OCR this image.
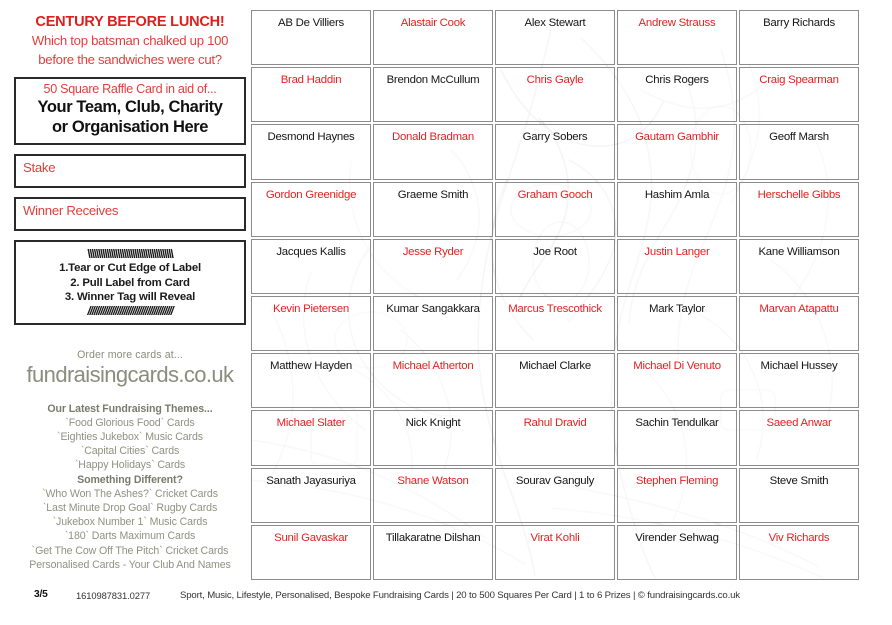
CENTURY BEFORE LUNCH!
Which top batsman chalked up 100
before the sandwiches were cut?
50 Square Raffle Card in aid of...
Your Team, Club, Charity
or Organisation Here
Stake
Winner Receives
\\\\\\\\\\\\\\\\\\\\\\\\\\\\\\\\\\\\\\\\
1.Tear or Cut Edge of Label
2. Pull Label from Card
3. Winner Tag will Reveal
////////////////////////////////////////
Order more cards at...
fundraisingcards.co.uk
Our Latest Fundraising Themes...
`Food Glorious Food` Cards
`Eighties Jukebox` Music Cards
`Capital Cities` Cards
`Happy Holidays` Cards
Something Different?
`Who Won The Ashes?` Cricket Cards
`Last Minute Drop Goal` Rugby Cards
`Jukebox Number 1` Music Cards
`180` Darts Maximum Cards
`Get The Cow Off The Pitch` Cricket Cards
Personalised Cards - Your Club And Names
AB De Villiers	Alastair Cook	Alex Stewart	Andrew Strauss	Barry Richards
Brad Haddin	Brendon McCullum	Chris Gayle	Chris Rogers	Craig Spearman
Desmond Haynes	Donald Bradman	Garry Sobers	Gautam Gambhir	Geoff Marsh
Gordon Greenidge	Graeme Smith	Graham Gooch	Hashim Amla	Herschelle Gibbs
Jacques Kallis	Jesse Ryder	Joe Root	Justin Langer	Kane Williamson
Kevin Pietersen	Kumar Sangakkara	Marcus Trescothick	Mark Taylor	Marvan Atapattu
Matthew Hayden	Michael Atherton	Michael Clarke	Michael Di Venuto	Michael Hussey
Michael Slater	Nick Knight	Rahul Dravid	Sachin Tendulkar	Saeed Anwar
Sanath Jayasuriya	Shane Watson	Sourav Ganguly	Stephen Fleming	Steve Smith
Sunil Gavaskar	Tillakaratne Dilshan	Virat Kohli	Virender Sehwag	Viv Richards
3/5	1610987831.0277	Sport, Music, Lifestyle, Personalised, Bespoke Fundraising Cards | 20 to 500 Squares Per Card | 1 to 6 Prizes | © fundraisingcards.co.uk
